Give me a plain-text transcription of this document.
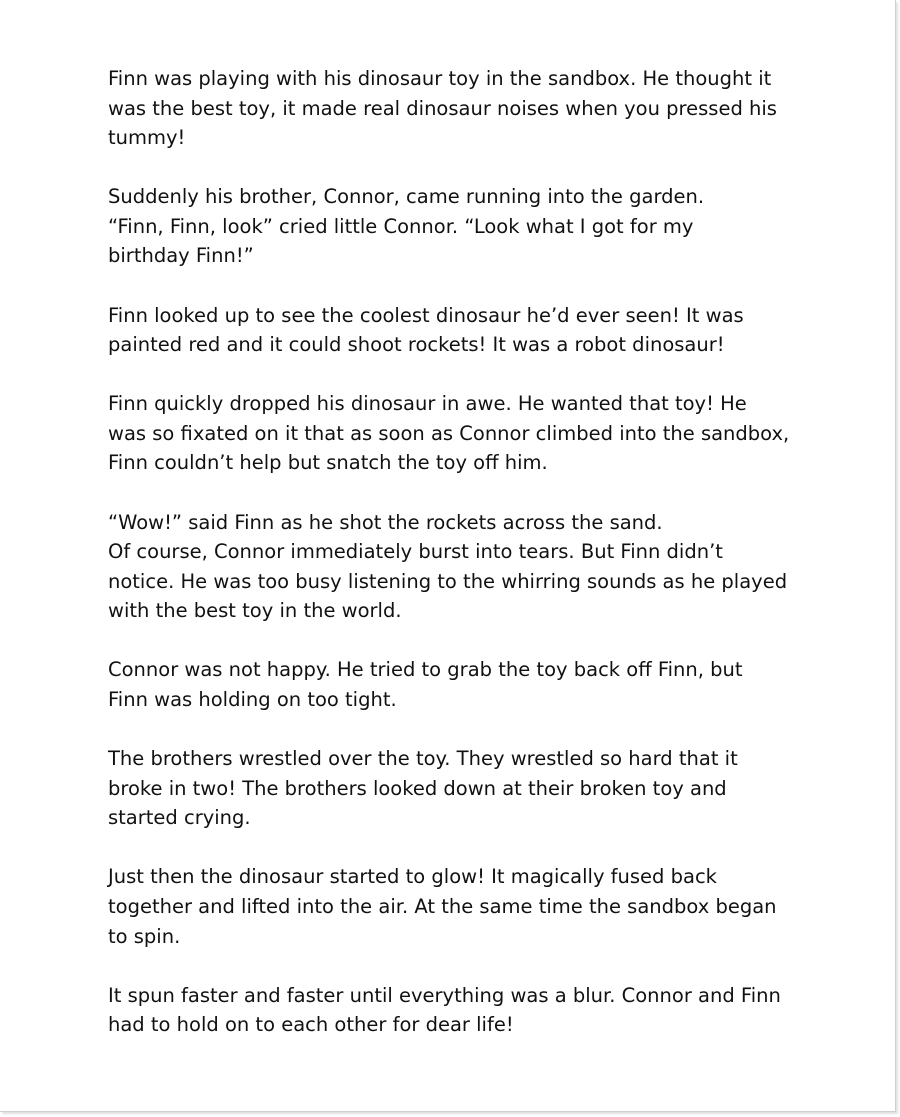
Finn was playing with his dinosaur toy in the sandbox. He thought it
was the best toy, it made real dinosaur noises when you pressed his
tummy!

Suddenly his brother, Connor, came running into the garden.
“Finn, Finn, look” cried little Connor. “Look what I got for my
birthday Finn!”

Finn looked up to see the coolest dinosaur he’d ever seen! It was
painted red and it could shoot rockets! It was a robot dinosaur!

Finn quickly dropped his dinosaur in awe. He wanted that toy! He
was so fixated on it that as soon as Connor climbed into the sandbox,
Finn couldn’t help but snatch the toy off him.

“Wow!” said Finn as he shot the rockets across the sand.
Of course, Connor immediately burst into tears. But Finn didn’t
notice. He was too busy listening to the whirring sounds as he played
with the best toy in the world.

Connor was not happy. He tried to grab the toy back off Finn, but
Finn was holding on too tight.

The brothers wrestled over the toy. They wrestled so hard that it
broke in two! The brothers looked down at their broken toy and
started crying.

Just then the dinosaur started to glow! It magically fused back
together and lifted into the air. At the same time the sandbox began
to spin.

It spun faster and faster until everything was a blur. Connor and Finn
had to hold on to each other for dear life!
